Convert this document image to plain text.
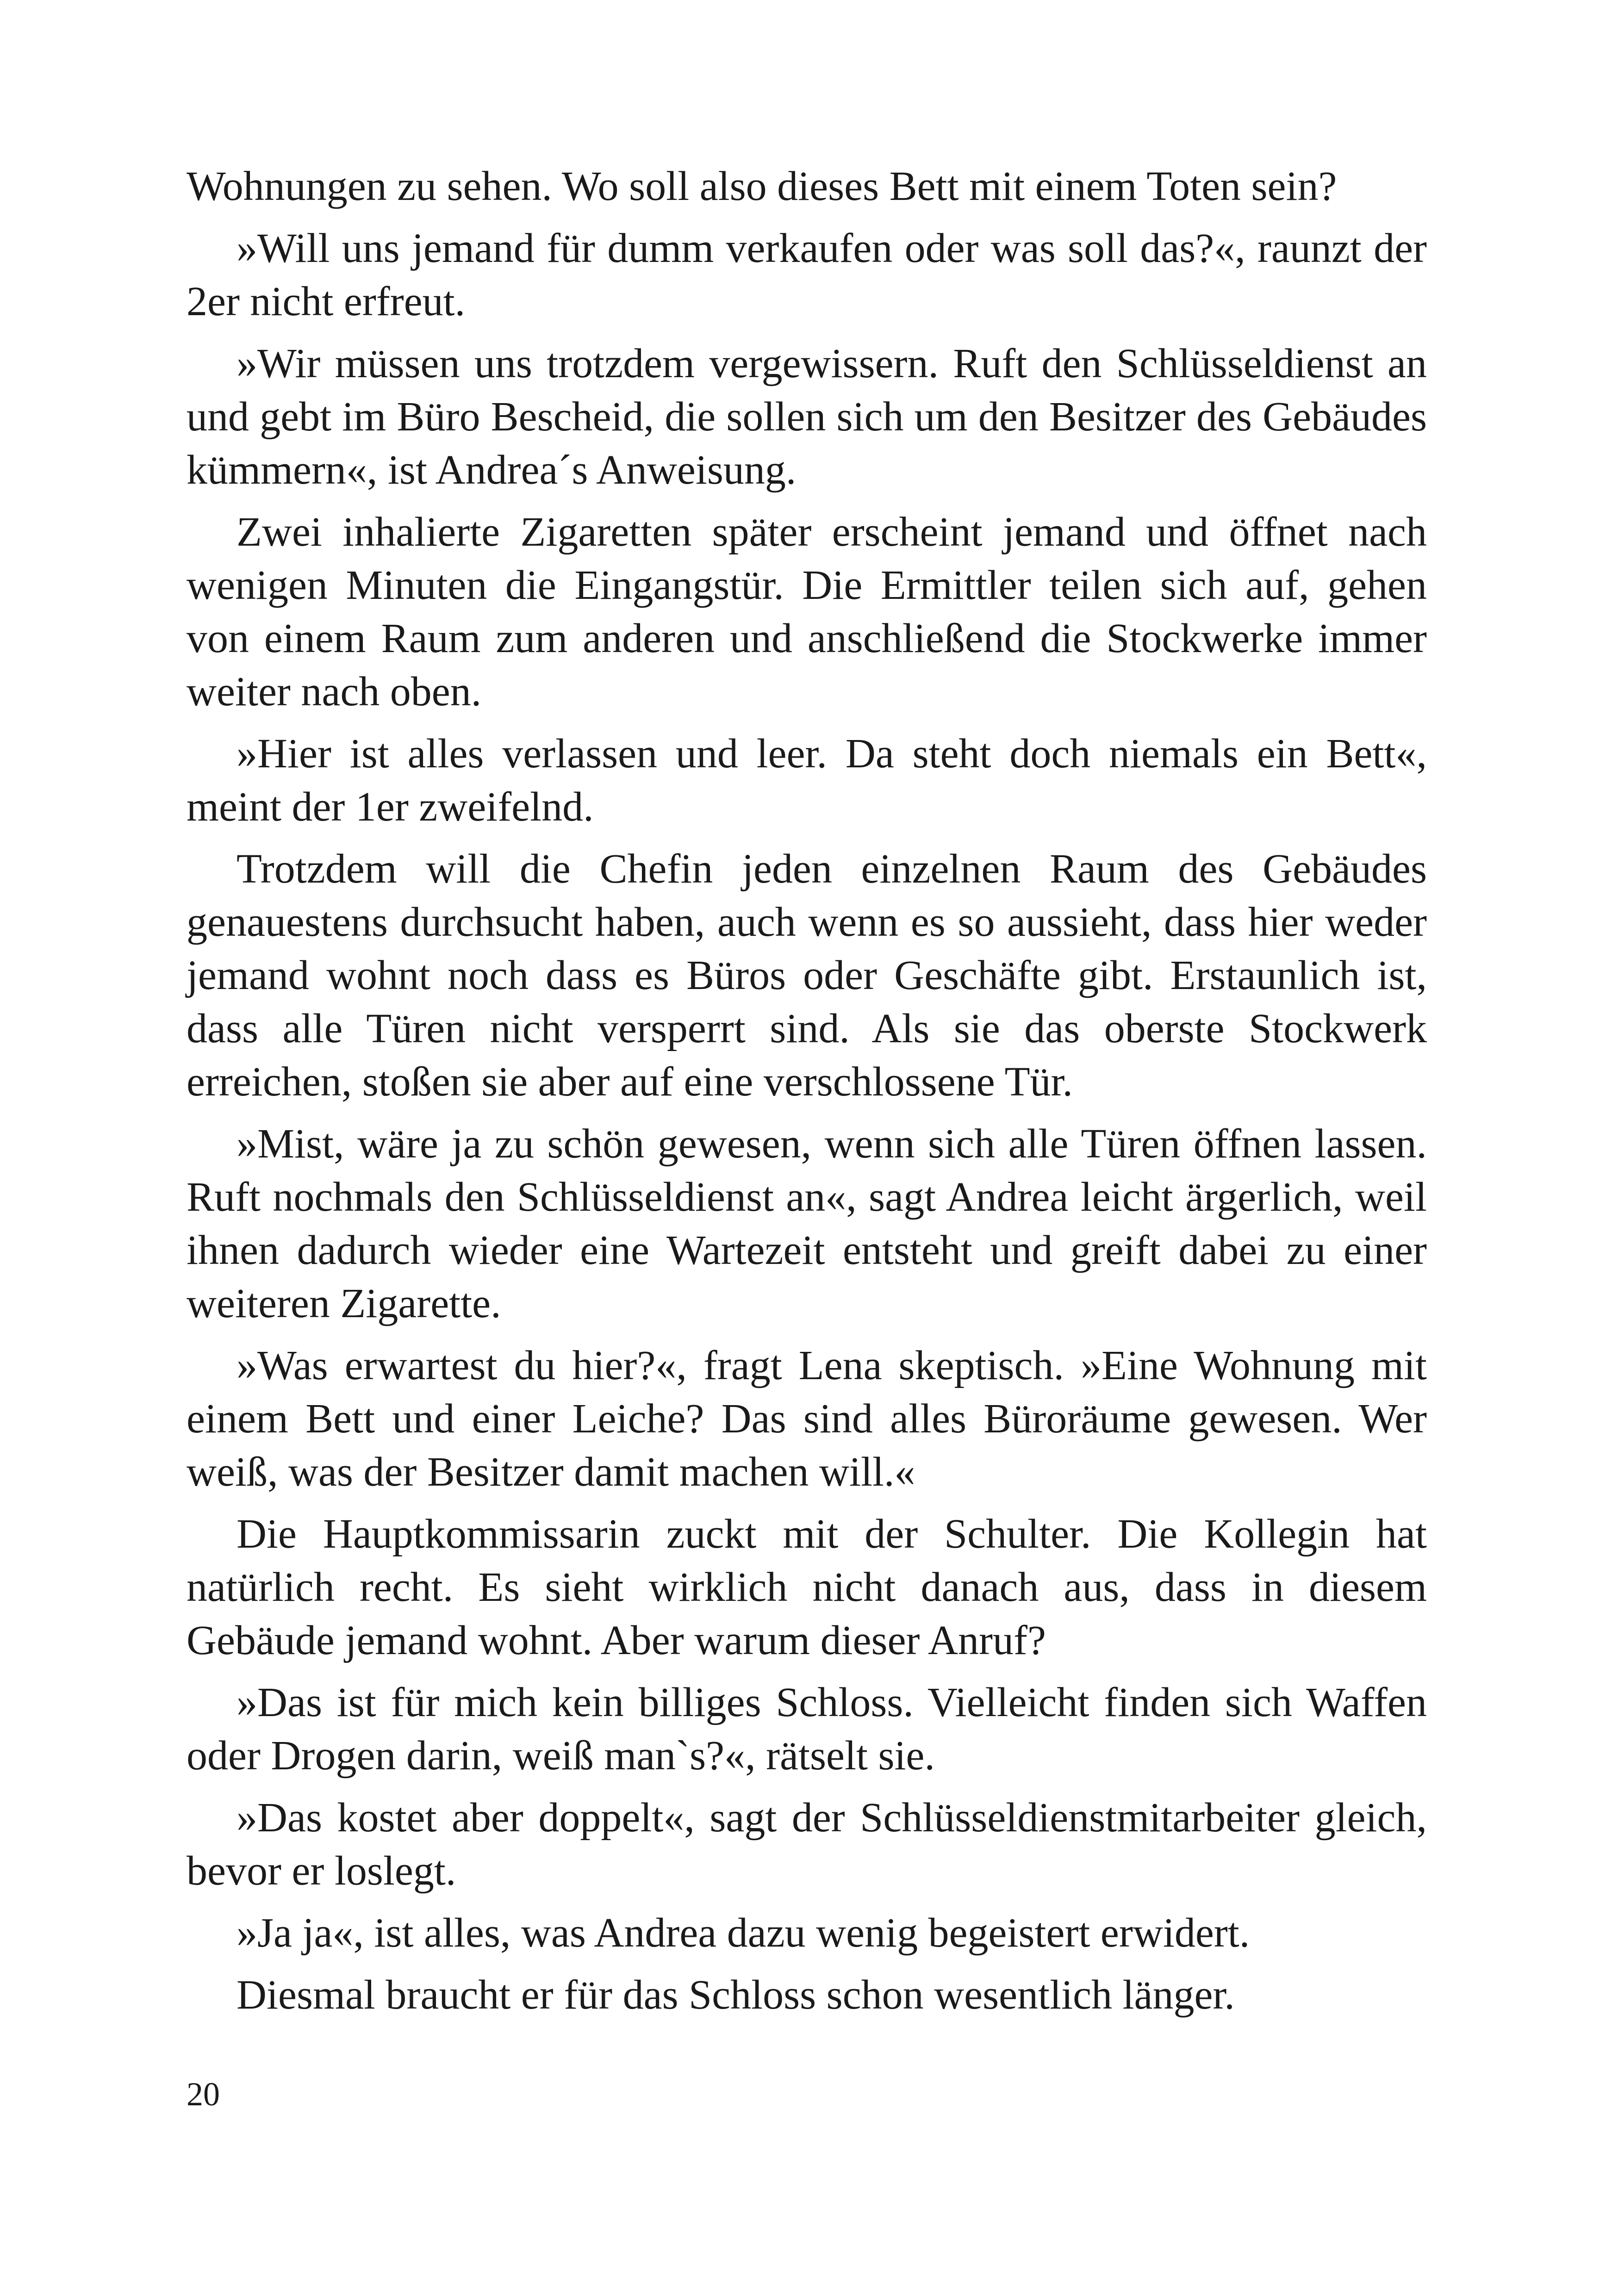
Wohnungen zu sehen. Wo soll also dieses Bett mit einem Toten sein?

»Will uns jemand für dumm verkaufen oder was soll das?«, raunzt der 2er nicht erfreut.

»Wir müssen uns trotzdem vergewissern. Ruft den Schlüsseldienst an und gebt im Büro Bescheid, die sollen sich um den Besitzer des Gebäudes kümmern«, ist Andrea´s Anweisung.

Zwei inhalierte Zigaretten später erscheint jemand und öffnet nach wenigen Minuten die Eingangstür. Die Ermittler teilen sich auf, gehen von einem Raum zum anderen und anschließend die Stockwerke immer weiter nach oben.

»Hier ist alles verlassen und leer. Da steht doch niemals ein Bett«, meint der 1er zweifelnd.

Trotzdem will die Chefin jeden einzelnen Raum des Gebäudes genauestens durchsucht haben, auch wenn es so aussieht, dass hier weder jemand wohnt noch dass es Büros oder Geschäfte gibt. Erstaunlich ist, dass alle Türen nicht versperrt sind. Als sie das oberste Stockwerk erreichen, stoßen sie aber auf eine verschlossene Tür.

»Mist, wäre ja zu schön gewesen, wenn sich alle Türen öffnen lassen. Ruft nochmals den Schlüsseldienst an«, sagt Andrea leicht ärgerlich, weil ihnen dadurch wieder eine Wartezeit entsteht und greift dabei zu einer weiteren Zigarette.

»Was erwartest du hier?«, fragt Lena skeptisch. »Eine Wohnung mit einem Bett und einer Leiche? Das sind alles Büroräume gewesen. Wer weiß, was der Besitzer damit machen will.«

Die Hauptkommissarin zuckt mit der Schulter. Die Kollegin hat natürlich recht. Es sieht wirklich nicht danach aus, dass in diesem Gebäude jemand wohnt. Aber warum dieser Anruf?

»Das ist für mich kein billiges Schloss. Vielleicht finden sich Waffen oder Drogen darin, weiß man`s?«, rätselt sie.

»Das kostet aber doppelt«, sagt der Schlüsseldienstmitarbeiter gleich, bevor er loslegt.

»Ja ja«, ist alles, was Andrea dazu wenig begeistert erwidert.

Diesmal braucht er für das Schloss schon wesentlich länger.

20
